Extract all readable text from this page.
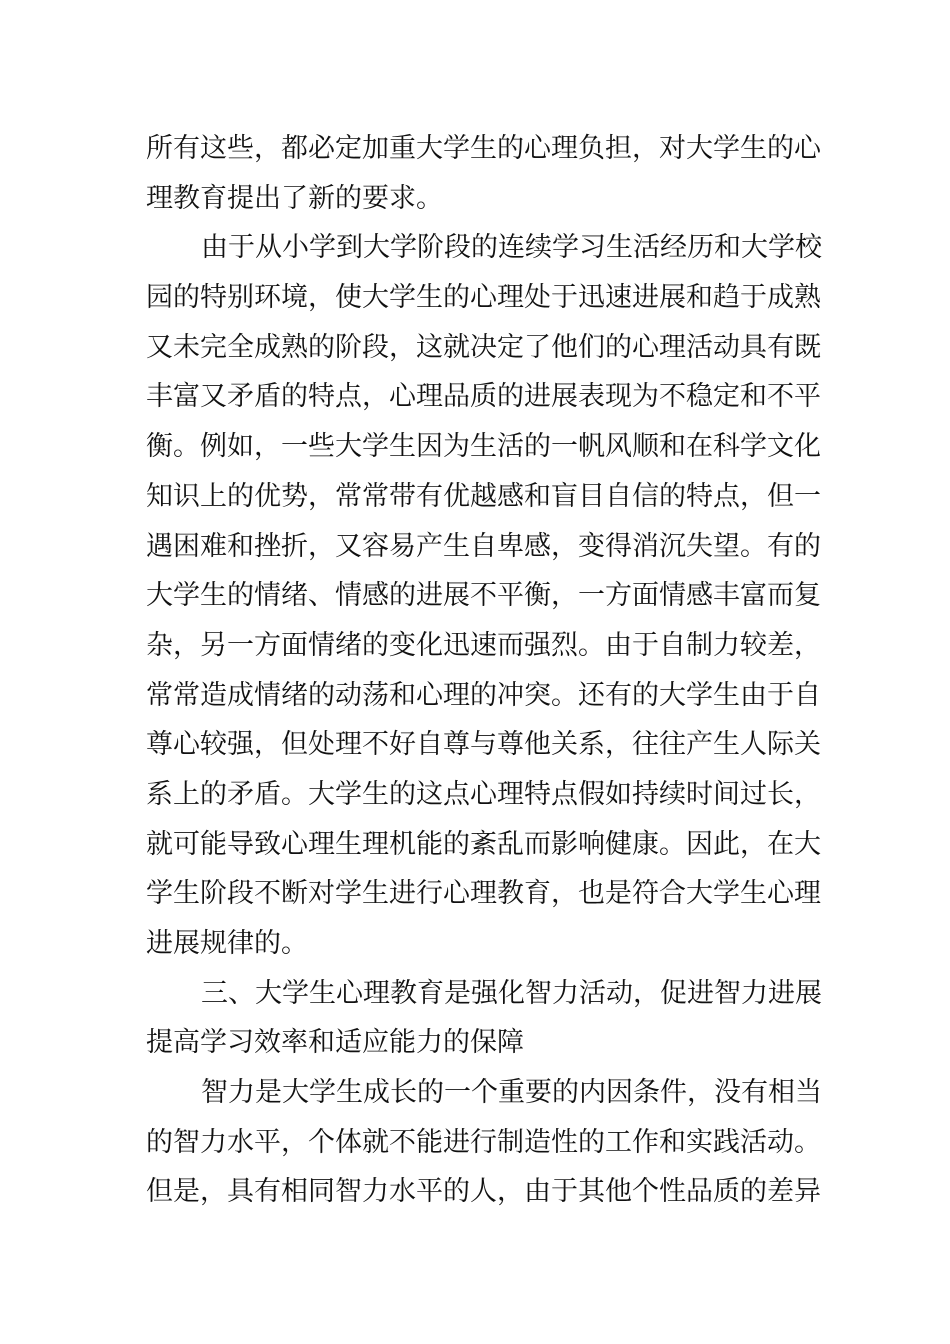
所有这些，都必定加重大学生的心理负担，对大学生的心
理教育提出了新的要求。
由于从小学到大学阶段的连续学习生活经历和大学校
园的特别环境，使大学生的心理处于迅速进展和趋于成熟
又未完全成熟的阶段，这就决定了他们的心理活动具有既
丰富又矛盾的特点，心理品质的进展表现为不稳定和不平
衡。例如，一些大学生因为生活的一帆风顺和在科学文化
知识上的优势，常常带有优越感和盲目自信的特点，但一
遇困难和挫折，又容易产生自卑感，变得消沉失望。有的
大学生的情绪、情感的进展不平衡，一方面情感丰富而复
杂，另一方面情绪的变化迅速而强烈。由于自制力较差，
常常造成情绪的动荡和心理的冲突。还有的大学生由于自
尊心较强，但处理不好自尊与尊他关系，往往产生人际关
系上的矛盾。大学生的这点心理特点假如持续时间过长，
就可能导致心理生理机能的紊乱而影响健康。因此，在大
学生阶段不断对学生进行心理教育，也是符合大学生心理
进展规律的。
三、大学生心理教育是强化智力活动，促进智力进展
提高学习效率和适应能力的保障
智力是大学生成长的一个重要的内因条件，没有相当
的智力水平，个体就不能进行制造性的工作和实践活动。
但是，具有相同智力水平的人，由于其他个性品质的差异
